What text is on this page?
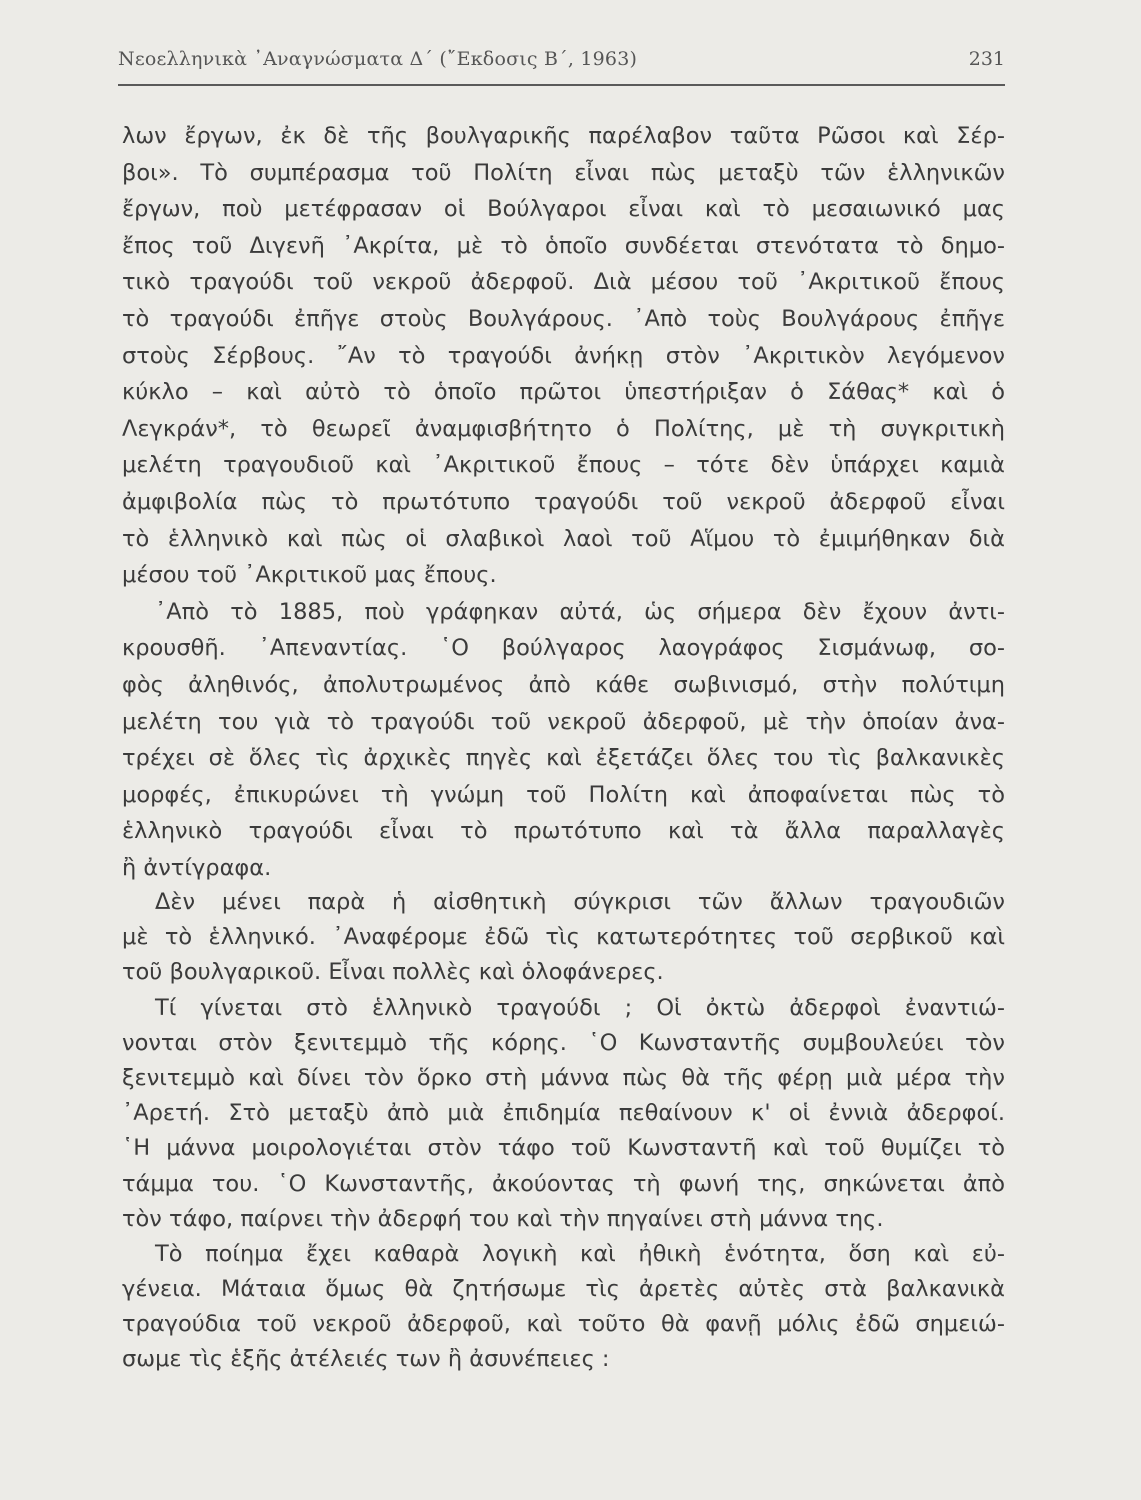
Νεοελληνικὰ ᾿Αναγνώσματα Δ΄ (῎Εκδοσις Β΄, 1963)	231
λων ἔργων, ἐκ δὲ τῆς βουλγαρικῆς παρέλαβον ταῦτα Ρῶσοι καὶ Σέρ-
βοι». Τὸ συμπέρασμα τοῦ Πολίτη εἶναι πὼς μεταξὺ τῶν ἑλληνικῶν
ἔργων, ποὺ μετέφρασαν οἱ Βούλγαροι εἶναι καὶ τὸ μεσαιωνικό μας
ἔπος τοῦ Διγενῆ ᾿Ακρίτα, μὲ τὸ ὁποῖο συνδέεται στενότατα τὸ δημο-
τικὸ τραγούδι τοῦ νεκροῦ ἀδερφοῦ. Διὰ μέσου τοῦ ᾿Ακριτικοῦ ἔπους
τὸ τραγούδι ἐπῆγε στοὺς Βουλγάρους. ᾿Απὸ τοὺς Βουλγάρους ἐπῆγε
στοὺς Σέρβους. ῎Αν τὸ τραγούδι ἀνήκῃ στὸν ᾿Ακριτικὸν λεγόμενον
κύκλο – καὶ αὐτὸ τὸ ὁποῖο πρῶτοι ὑπεστήριξαν ὁ Σάθας* καὶ ὁ
Λεγκράν*, τὸ θεωρεῖ ἀναμφισβήτητο ὁ Πολίτης, μὲ τὴ συγκριτικὴ
μελέτη τραγουδιοῦ καὶ ᾿Ακριτικοῦ ἔπους – τότε δὲν ὑπάρχει καμιὰ
ἀμφιβολία πὼς τὸ πρωτότυπο τραγούδι τοῦ νεκροῦ ἀδερφοῦ εἶναι
τὸ ἑλληνικὸ καὶ πὼς οἱ σλαβικοὶ λαοὶ τοῦ Αἵμου τὸ ἐμιμήθηκαν διὰ
μέσου τοῦ ᾿Ακριτικοῦ μας ἔπους.
᾿Απὸ τὸ 1885, ποὺ γράφηκαν αὐτά, ὡς σήμερα δὲν ἔχουν ἀντι-
κρουσθῆ. ᾿Απεναντίας. ῾Ο βούλγαρος λαογράφος Σισμάνωφ, σο-
φὸς ἀληθινός, ἀπολυτρωμένος ἀπὸ κάθε σωβινισμό, στὴν πολύτιμη
μελέτη του γιὰ τὸ τραγούδι τοῦ νεκροῦ ἀδερφοῦ, μὲ τὴν ὁποίαν ἀνα-
τρέχει σὲ ὅλες τὶς ἀρχικὲς πηγὲς καὶ ἐξετάζει ὅλες του τὶς βαλκανικὲς
μορφές, ἐπικυρώνει τὴ γνώμη τοῦ Πολίτη καὶ ἀποφαίνεται πὼς τὸ
ἑλληνικὸ τραγούδι εἶναι τὸ πρωτότυπο καὶ τὰ ἄλλα παραλλαγὲς
ἢ ἀντίγραφα.
Δὲν μένει παρὰ ἡ αἰσθητικὴ σύγκρισι τῶν ἄλλων τραγουδιῶν
μὲ τὸ ἑλληνικό. ᾿Αναφέρομε ἐδῶ τὶς κατωτερότητες τοῦ σερβικοῦ καὶ
τοῦ βουλγαρικοῦ. Εἶναι πολλὲς καὶ ὁλοφάνερες.
Τί γίνεται στὸ ἑλληνικὸ τραγούδι ; Οἱ ὀκτὼ ἀδερφοὶ ἐναντιώ-
νονται στὸν ξενιτεμμὸ τῆς κόρης. ῾Ο Κωνσταντῆς συμβουλεύει τὸν
ξενιτεμμὸ καὶ δίνει τὸν ὅρκο στὴ μάννα πὼς θὰ τῆς φέρῃ μιὰ μέρα τὴν
᾿Αρετή. Στὸ μεταξὺ ἀπὸ μιὰ ἐπιδημία πεθαίνουν κ' οἱ ἐννιὰ ἀδερφοί.
῾Η μάννα μοιρολογιέται στὸν τάφο τοῦ Κωνσταντῆ καὶ τοῦ θυμίζει τὸ
τάμμα του. ῾Ο Κωνσταντῆς, ἀκούοντας τὴ φωνή της, σηκώνεται ἀπὸ
τὸν τάφο, παίρνει τὴν ἀδερφή του καὶ τὴν πηγαίνει στὴ μάννα της.
Τὸ ποίημα ἔχει καθαρὰ λογικὴ καὶ ἠθικὴ ἑνότητα, ὅση καὶ εὐ-
γένεια. Μάταια ὅμως θὰ ζητήσωμε τὶς ἀρετὲς αὐτὲς στὰ βαλκανικὰ
τραγούδια τοῦ νεκροῦ ἀδερφοῦ, καὶ τοῦτο θὰ φανῇ μόλις ἐδῶ σημειώ-
σωμε τὶς ἑξῆς ἀτέλειές των ἢ ἀσυνέπειες :
